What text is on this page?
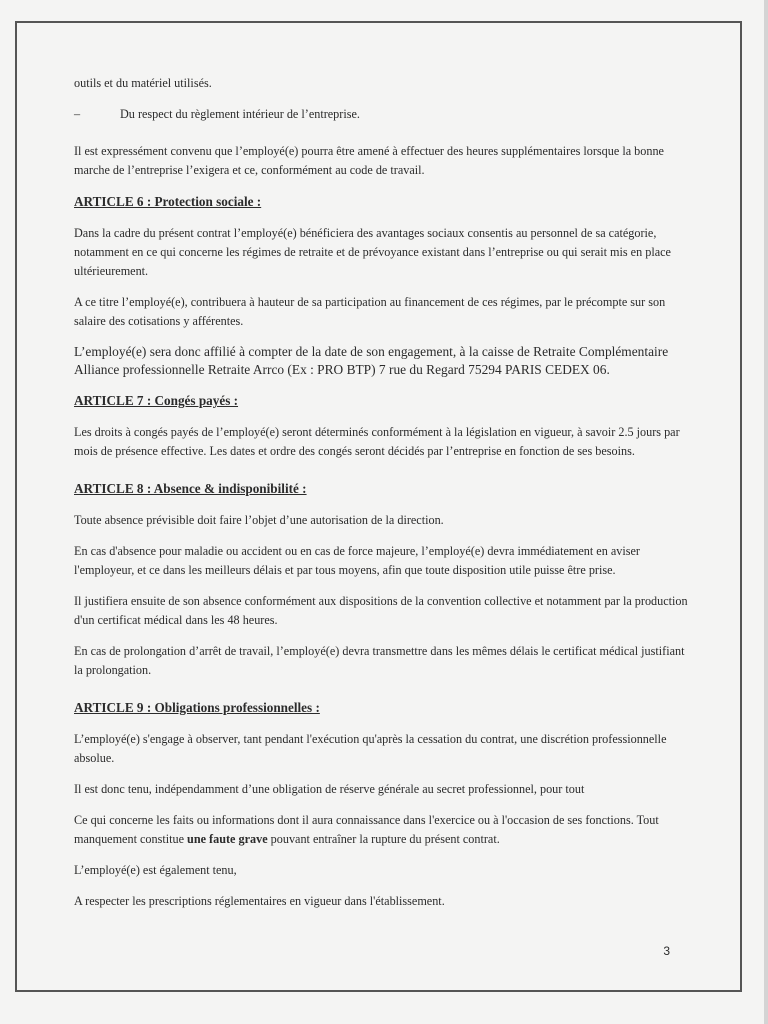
outils et du matériel utilisés.

–	Du respect du règlement intérieur de l’entreprise.

Il est expressément convenu que l’employé(e) pourra être amené à effectuer des heures supplémentaires lorsque la bonne marche de l’entreprise l’exigera et ce, conformément au code de travail.

ARTICLE 6 : Protection sociale :

Dans la cadre du présent contrat l’employé(e) bénéficiera des avantages sociaux consentis au personnel de sa catégorie, notamment en ce qui concerne les régimes de retraite et de prévoyance existant dans l’entreprise ou qui serait mis en place ultérieurement.

A ce titre l’employé(e), contribuera à hauteur de sa participation au financement de ces régimes, par le précompte sur son salaire des cotisations y afférentes.

L’employé(e) sera donc affilié à compter de la date de son engagement, à la caisse de Retraite Complémentaire Alliance professionnelle Retraite Arrco (Ex : PRO BTP) 7 rue du Regard 75294 PARIS CEDEX 06.

ARTICLE 7 : Congés payés :

Les droits à congés payés de l’employé(e) seront déterminés conformément à la législation en vigueur, à savoir 2.5 jours par mois de présence effective. Les dates et ordre des congés seront décidés par l’entreprise en fonction de ses besoins.

ARTICLE 8 : Absence & indisponibilité :

Toute absence prévisible doit faire l’objet d’une autorisation de la direction.

En cas d'absence pour maladie ou accident ou en cas de force majeure, l’employé(e) devra immédiatement en aviser l'employeur, et ce dans les meilleurs délais et par tous moyens, afin que toute disposition utile puisse être prise.

Il justifiera ensuite de son absence conformément aux dispositions de la convention collective et notamment par la production d'un certificat médical dans les 48 heures.

En cas de prolongation d’arrêt de travail, l’employé(e) devra transmettre dans les mêmes délais le certificat médical justifiant la prolongation.

ARTICLE 9 : Obligations professionnelles :

L’employé(e) s'engage à observer, tant pendant l'exécution qu'après la cessation du contrat, une discrétion professionnelle absolue.

Il est donc tenu, indépendamment d’une obligation de réserve générale au secret professionnel, pour tout

Ce qui concerne les faits ou informations dont il aura connaissance dans l'exercice ou à l'occasion de ses fonctions. Tout manquement constitue une faute grave pouvant entraîner la rupture du présent contrat.

L’employé(e) est également tenu,

A respecter les prescriptions réglementaires en vigueur dans l'établissement.

3
